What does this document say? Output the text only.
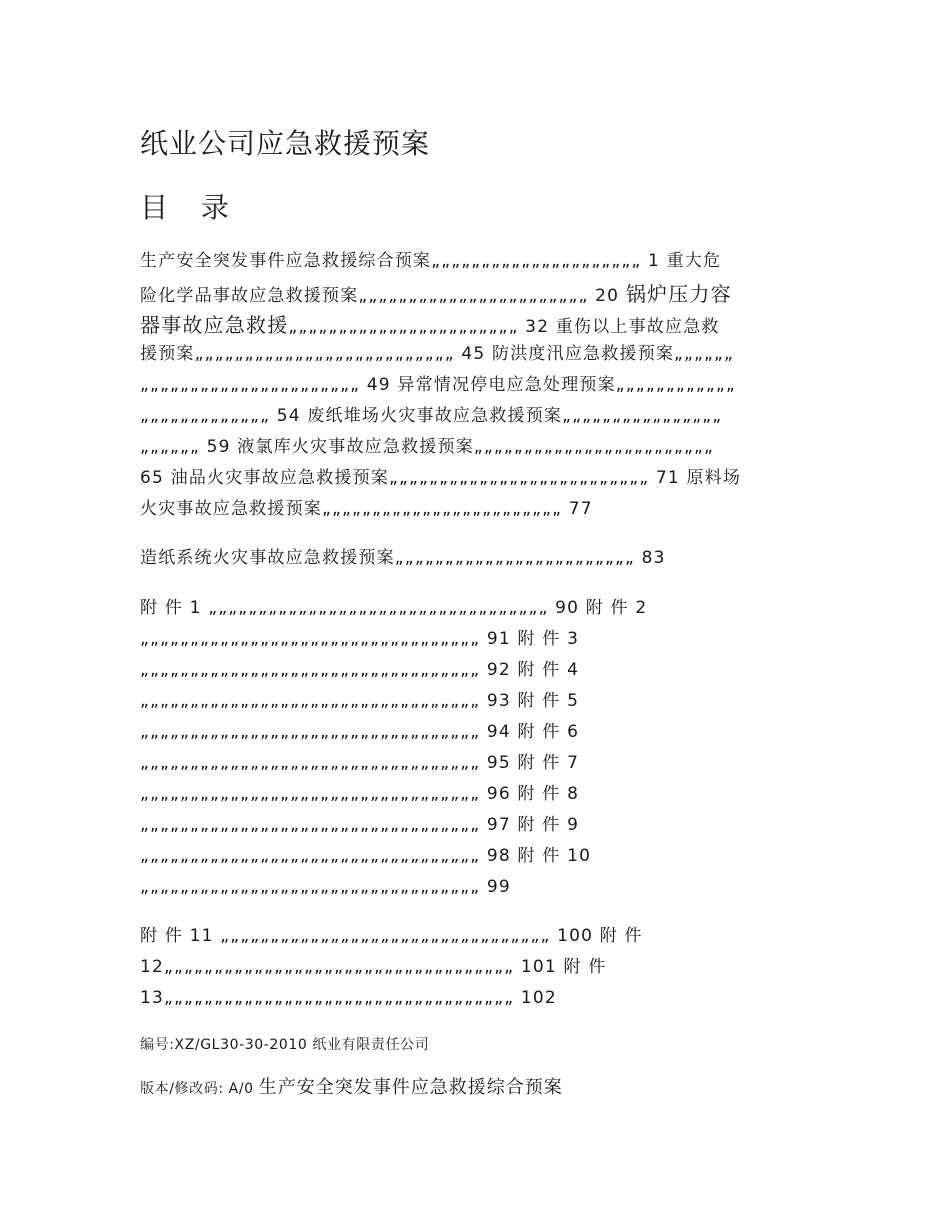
纸业公司应急救援预案
目 录
生产安全突发事件应急救援综合预案„„„„„„„„„„„„„„„„„„„„„ 1 重大危
险化学品事故应急救援预案„„„„„„„„„„„„„„„„„„„„„„„ 20 锅炉压力容
器事故应急救援„„„„„„„„„„„„„„„„„„„„„„„ 32 重伤以上事故应急救
援预案„„„„„„„„„„„„„„„„„„„„„„„„„„ 45 防洪度汛应急救援预案„„„„„„
„„„„„„„„„„„„„„„„„„„„„„ 49 异常情况停电应急处理预案„„„„„„„„„„„„
„„„„„„„„„„„„„ 54 废纸堆场火灾事故应急救援预案„„„„„„„„„„„„„„„„
„„„„„„ 59 液氯库火灾事故应急救援预案„„„„„„„„„„„„„„„„„„„„„„„„
65 油品火灾事故应急救援预案„„„„„„„„„„„„„„„„„„„„„„„„„„ 71 原料场
火灾事故应急救援预案„„„„„„„„„„„„„„„„„„„„„„„„ 77
造纸系统火灾事故应急救援预案„„„„„„„„„„„„„„„„„„„„„„„„ 83
附 件 1 „„„„„„„„„„„„„„„„„„„„„„„„„„„„„„„„„„ 90 附 件 2
„„„„„„„„„„„„„„„„„„„„„„„„„„„„„„„„„„ 91 附 件 3
„„„„„„„„„„„„„„„„„„„„„„„„„„„„„„„„„„ 92 附 件 4
„„„„„„„„„„„„„„„„„„„„„„„„„„„„„„„„„„ 93 附 件 5
„„„„„„„„„„„„„„„„„„„„„„„„„„„„„„„„„„ 94 附 件 6
„„„„„„„„„„„„„„„„„„„„„„„„„„„„„„„„„„ 95 附 件 7
„„„„„„„„„„„„„„„„„„„„„„„„„„„„„„„„„„ 96 附 件 8
„„„„„„„„„„„„„„„„„„„„„„„„„„„„„„„„„„ 97 附 件 9
„„„„„„„„„„„„„„„„„„„„„„„„„„„„„„„„„„ 98 附 件 10
„„„„„„„„„„„„„„„„„„„„„„„„„„„„„„„„„„ 99
附 件 11 „„„„„„„„„„„„„„„„„„„„„„„„„„„„„„„„„ 100 附 件
12„„„„„„„„„„„„„„„„„„„„„„„„„„„„„„„„„„„ 101 附 件
13„„„„„„„„„„„„„„„„„„„„„„„„„„„„„„„„„„„ 102
编号:XZ/GL30-30-2010 纸业有限责任公司
版本/修改码: A/0 生产安全突发事件应急救援综合预案
